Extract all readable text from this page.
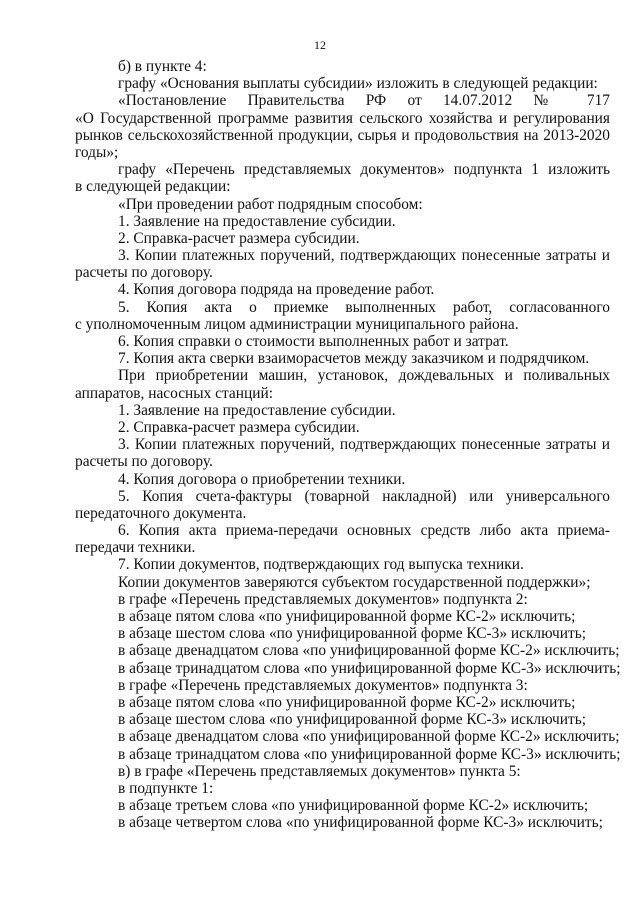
12
б) в пункте 4:
графу «Основания выплаты субсидии» изложить в следующей редакции:
«Постановление Правительства РФ от 14.07.2012 № 717
«О Государственной программе развития сельского хозяйства и регулирования
рынков сельскохозяйственной продукции, сырья и продовольствия на 2013-2020
годы»;
графу «Перечень представляемых документов» подпункта 1 изложить
в следующей редакции:
«При проведении работ подрядным способом:
1. Заявление на предоставление субсидии.
2. Справка-расчет размера субсидии.
3. Копии платежных поручений, подтверждающих понесенные затраты и
расчеты по договору.
4. Копия договора подряда на проведение работ.
5. Копия акта о приемке выполненных работ, согласованного
с уполномоченным лицом администрации муниципального района.
6. Копия справки о стоимости выполненных работ и затрат.
7. Копия акта сверки взаиморасчетов между заказчиком и подрядчиком.
При приобретении машин, установок, дождевальных и поливальных
аппаратов, насосных станций:
1. Заявление на предоставление субсидии.
2. Справка-расчет размера субсидии.
3. Копии платежных поручений, подтверждающих понесенные затраты и
расчеты по договору.
4. Копия договора о приобретении техники.
5. Копия счета-фактуры (товарной накладной) или универсального
передаточного документа.
6. Копия акта приема-передачи основных средств либо акта приема-
передачи техники.
7. Копии документов, подтверждающих год выпуска техники.
Копии документов заверяются субъектом государственной поддержки»;
в графе «Перечень представляемых документов» подпункта 2:
в абзаце пятом слова «по унифицированной форме КС-2» исключить;
в абзаце шестом слова «по унифицированной форме КС-3» исключить;
в абзаце двенадцатом слова «по унифицированной форме КС-2» исключить;
в абзаце тринадцатом слова «по унифицированной форме КС-3» исключить;
в графе «Перечень представляемых документов» подпункта 3:
в абзаце пятом слова «по унифицированной форме КС-2» исключить;
в абзаце шестом слова «по унифицированной форме КС-3» исключить;
в абзаце двенадцатом слова «по унифицированной форме КС-2» исключить;
в абзаце тринадцатом слова «по унифицированной форме КС-3» исключить;
в) в графе «Перечень представляемых документов» пункта 5:
в подпункте 1:
в абзаце третьем слова «по унифицированной форме КС-2» исключить;
в абзаце четвертом слова «по унифицированной форме КС-3» исключить;
